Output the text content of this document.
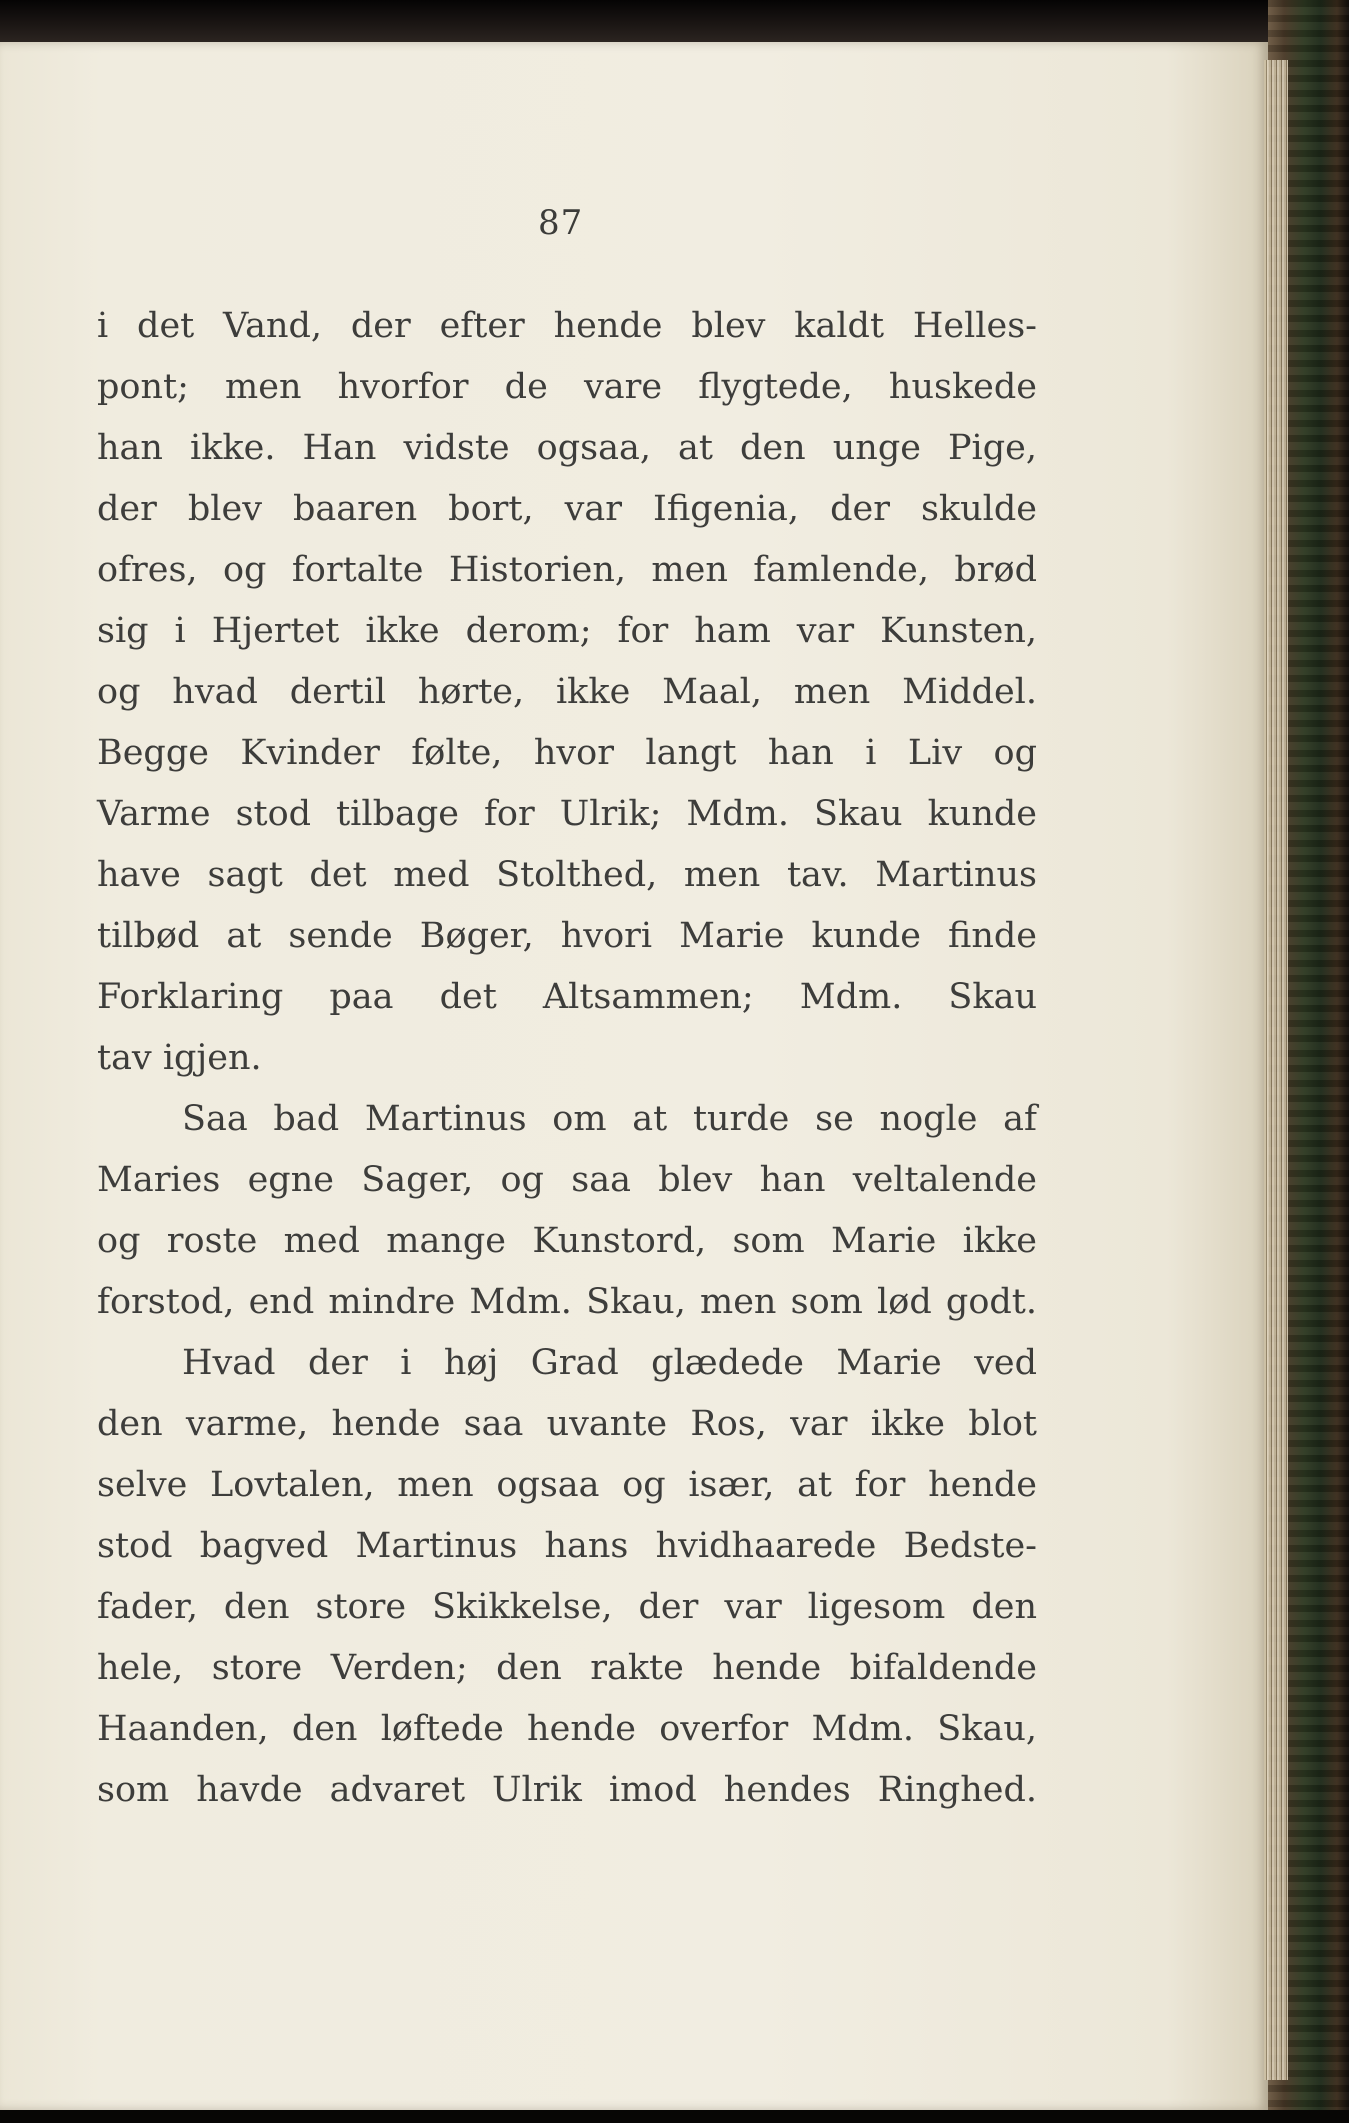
87

i det Vand, der efter hende blev kaldt Helles-
pont; men hvorfor de vare flygtede, huskede
han ikke. Han vidste ogsaa, at den unge Pige,
der blev baaren bort, var Ifigenia, der skulde
ofres, og fortalte Historien, men famlende, brød
sig i Hjertet ikke derom; for ham var Kunsten,
og hvad dertil hørte, ikke Maal, men Middel.
Begge Kvinder følte, hvor langt han i Liv og
Varme stod tilbage for Ulrik; Mdm. Skau kunde
have sagt det med Stolthed, men tav. Martinus
tilbød at sende Bøger, hvori Marie kunde finde
Forklaring paa det Altsammen; Mdm. Skau
tav igjen.
Saa bad Martinus om at turde se nogle af
Maries egne Sager, og saa blev han veltalende
og roste med mange Kunstord, som Marie ikke
forstod, end mindre Mdm. Skau, men som lød godt.
Hvad der i høj Grad glædede Marie ved
den varme, hende saa uvante Ros, var ikke blot
selve Lovtalen, men ogsaa og især, at for hende
stod bagved Martinus hans hvidhaarede Bedste-
fader, den store Skikkelse, der var ligesom den
hele, store Verden; den rakte hende bifaldende
Haanden, den løftede hende overfor Mdm. Skau,
som havde advaret Ulrik imod hendes Ringhed.
